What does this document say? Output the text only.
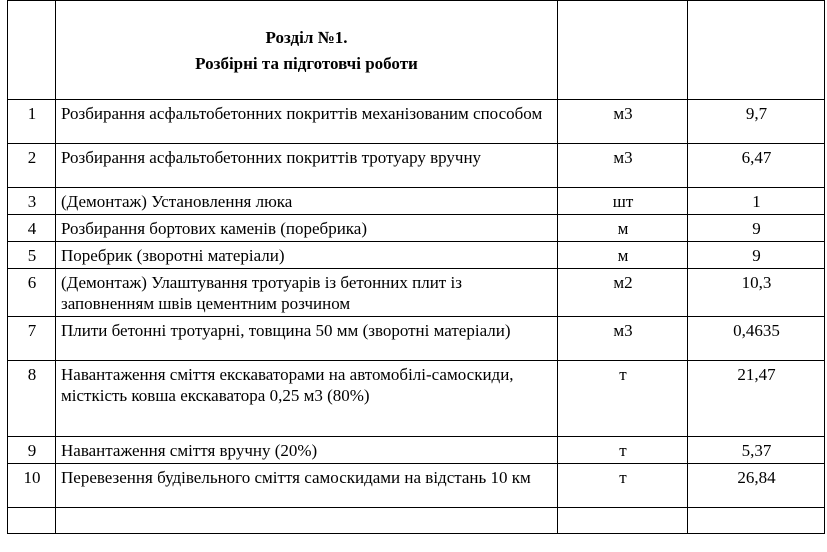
	Розділ №1.
Розбірні та підготовчі роботи		

1	Розбирання асфальтобетонних покриттів механізованим способом	м3	9,7
2	Розбирання асфальтобетонних покриттів тротуару вручну	м3	6,47
3	(Демонтаж) Установлення люка	шт	1
4	Розбирання бортових каменів (поребрика)	м	9
5	Поребрик (зворотні матеріали)	м	9
6	(Демонтаж) Улаштування тротуарів із бетонних плит із заповненням швів цементним розчином	м2	10,3
7	Плити бетонні тротуарні, товщина 50 мм (зворотні матеріали)	м3	0,4635
8	Навантаження сміття екскаваторами на автомобілі-самоскиди, місткість ковша екскаватора 0,25 м3 (80%)	т	21,47
9	Навантаження сміття вручну (20%)	т	5,37
10	Перевезення будівельного сміття самоскидами на відстань 10 км	т	26,84
